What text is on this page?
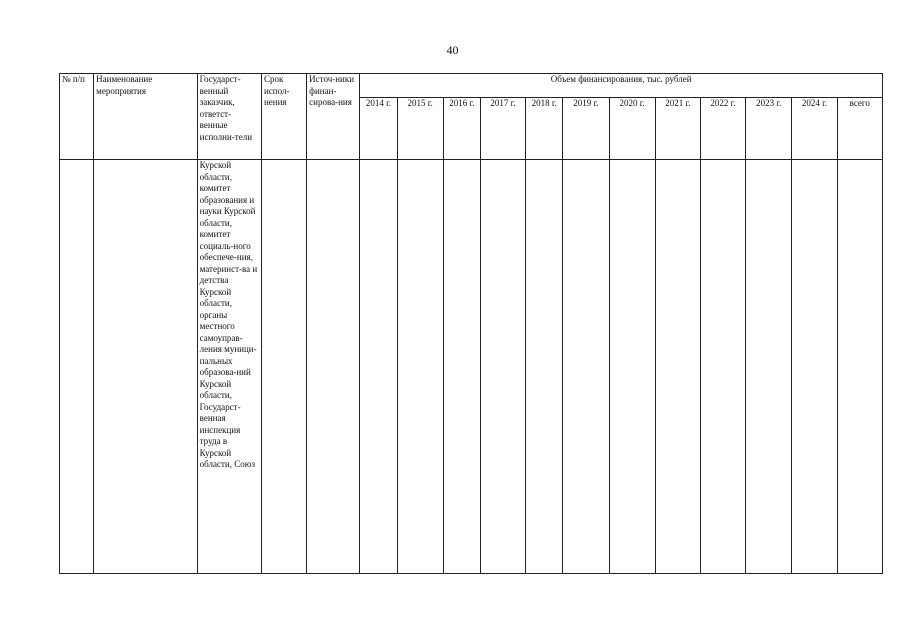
40
№ п/п	Наименование мероприятия	Государст-венный заказчик, ответст-венные исполни-тели	Срок испол-нения	Источ-ники финан-сирова-ния	Объем финансирования, тыс. рублей											
					2014 г.	2015 г.	2016 г.	2017 г.	2018 г.	2019 г.	2020 г.	2021 г.	2022 г.	2023 г.	2024 г.	всего
		Курской области, комитет образования и науки Курской области, комитет социаль-ного обеспече-ния, материнст-ва и детства Курской области, органы местного самоуправ-ления муници-пальных образова-ний Курской области, Государст-венная инспекция труда в Курской области, Союз														
